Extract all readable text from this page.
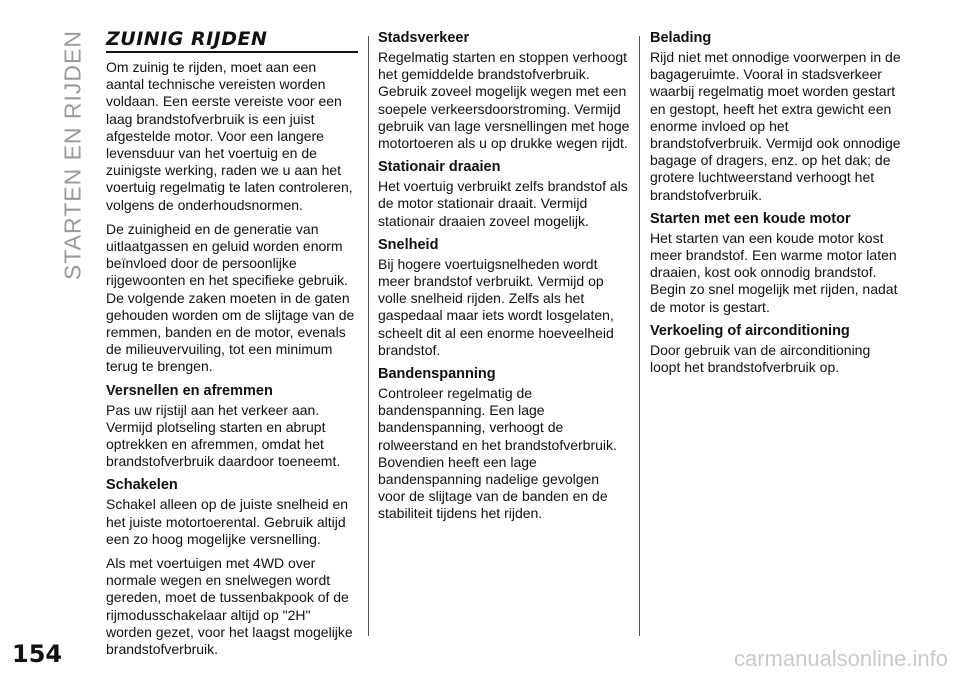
STARTEN EN RIJDEN ZUINIG RIJDEN

Om zuinig te rijden, moet aan een aantal technische vereisten worden voldaan. Een eerste vereiste voor een laag brandstofverbruik is een juist afgestelde motor. Voor een langere levensduur van het voertuig en de zuinigste werking, raden we u aan het voertuig regelmatig te laten controleren, volgens de onderhoudsnormen.

De zuinigheid en de generatie van uitlaatgassen en geluid worden enorm beïnvloed door de persoonlijke rijgewoonten en het specifieke gebruik. De volgende zaken moeten in de gaten gehouden worden om de slijtage van de remmen, banden en de motor, evenals de milieuvervuiling, tot een minimum terug te brengen.

Versnellen en afremmen

Pas uw rijstijl aan het verkeer aan. Vermijd plotseling starten en abrupt optrekken en afremmen, omdat het brandstofverbruik daardoor toeneemt.

Schakelen

Schakel alleen op de juiste snelheid en het juiste motortoerental. Gebruik altijd een zo hoog mogelijke versnelling.

Als met voertuigen met 4WD over normale wegen en snelwegen wordt gereden, moet de tussenbakpook of de rijmodusschakelaar altijd op "2H" worden gezet, voor het laagst mogelijke brandstofverbruik.

Stadsverkeer

Regelmatig starten en stoppen verhoogt het gemiddelde brandstofverbruik. Gebruik zoveel mogelijk wegen met een soepele verkeersdoorstroming. Vermijd gebruik van lage versnellingen met hoge motortoeren als u op drukke wegen rijdt.

Stationair draaien

Het voertuig verbruikt zelfs brandstof als de motor stationair draait. Vermijd stationair draaien zoveel mogelijk.

Snelheid

Bij hogere voertuigsnelheden wordt meer brandstof verbruikt. Vermijd op volle snelheid rijden. Zelfs als het gaspedaal maar iets wordt losgelaten, scheelt dit al een enorme hoeveelheid brandstof.

Bandenspanning

Controleer regelmatig de bandenspanning. Een lage bandenspanning, verhoogt de rolweerstand en het brandstofverbruik. Bovendien heeft een lage bandenspanning nadelige gevolgen voor de slijtage van de banden en de stabiliteit tijdens het rijden.

Belading

Rijd niet met onnodige voorwerpen in de bagageruimte. Vooral in stadsverkeer waarbij regelmatig moet worden gestart en gestopt, heeft het extra gewicht een enorme invloed op het brandstofverbruik. Vermijd ook onnodige bagage of dragers, enz. op het dak; de grotere luchtweerstand verhoogt het brandstofverbruik.

Starten met een koude motor

Het starten van een koude motor kost meer brandstof. Een warme motor laten draaien, kost ook onnodig brandstof. Begin zo snel mogelijk met rijden, nadat de motor is gestart.

Verkoeling of airconditioning

Door gebruik van de airconditioning loopt het brandstofverbruik op.

154	carmanualsonline.info
